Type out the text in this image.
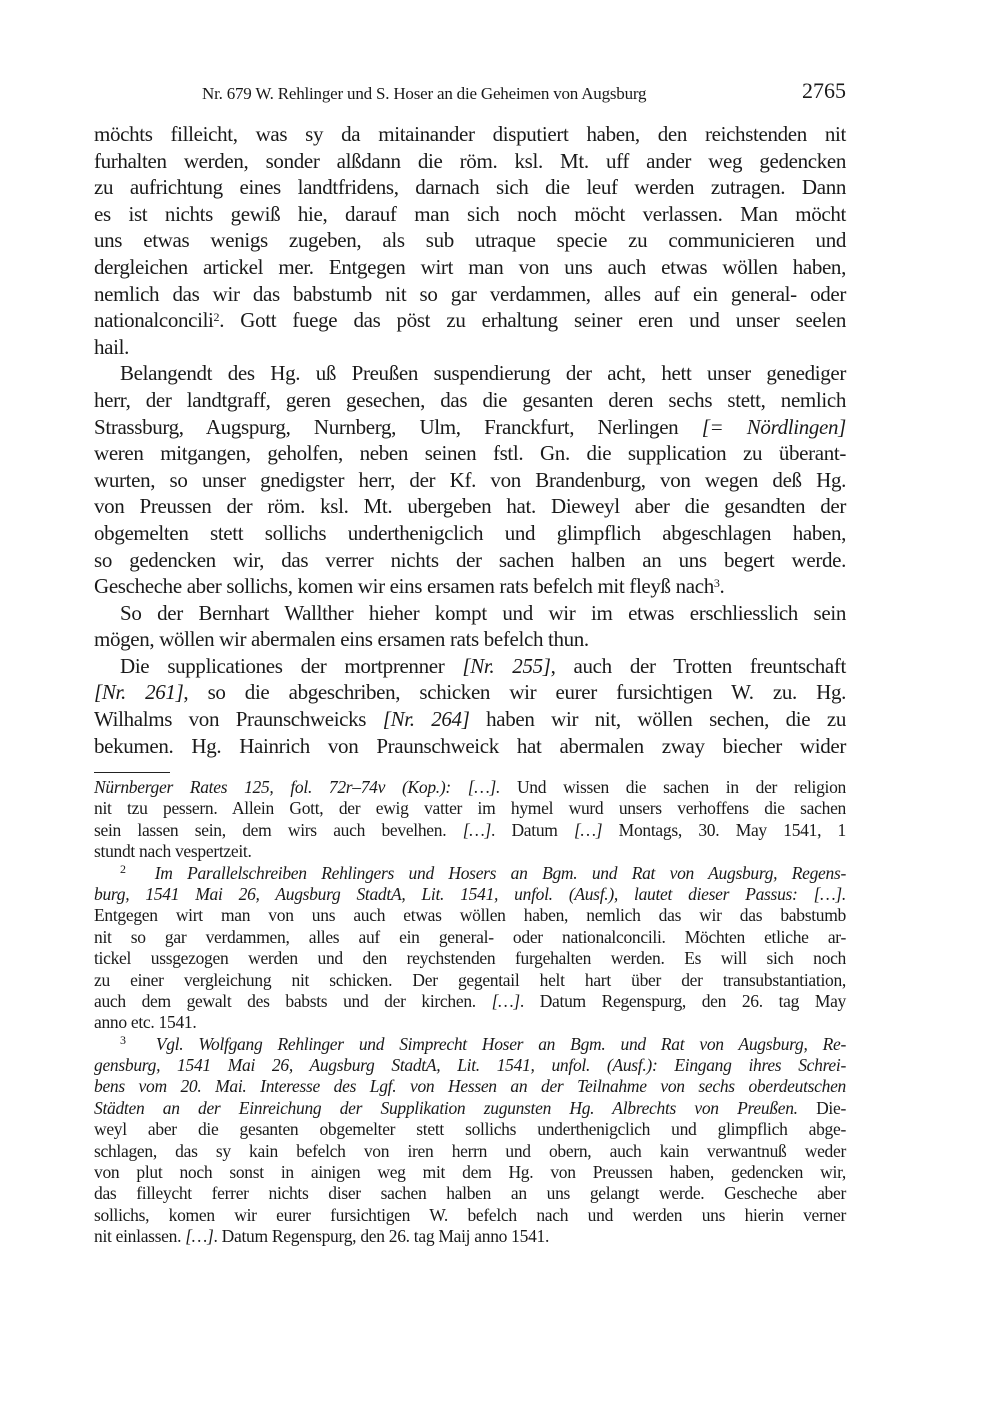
Nr. 679 W. Rehlinger und S. Hoser an die Geheimen von Augsburg	2765
möchts filleicht, was sy da mitainander disputiert haben, den reichstenden nit
furhalten werden, sonder alßdann die röm. ksl. Mt. uff ander weg gedencken
zu aufrichtung eines landtfridens, darnach sich die leuf werden zutragen. Dann
es ist nichts gewiß hie, darauf man sich noch möcht verlassen. Man möcht
uns etwas wenigs zugeben, als sub utraque specie zu communicieren und
dergleichen artickel mer. Entgegen wirt man von uns auch etwas wöllen haben,
nemlich das wir das babstumb nit so gar verdammen, alles auf ein general- oder
nationalconcili$^2$. Gott fuege das pöst zu erhaltung seiner eren und unser seelen
hail.
Belangendt des Hg. uß Preußen suspendierung der acht, hett unser genediger
herr, der landtgraff, geren gesechen, das die gesanten deren sechs stett, nemlich
Strassburg, Augspurg, Nurnberg, Ulm, Franckfurt, Nerlingen [= Nördlingen]
weren mitgangen, geholfen, neben seinen fstl. Gn. die supplication zu überant-
wurten, so unser gnedigster herr, der Kf. von Brandenburg, von wegen deß Hg.
von Preussen der röm. ksl. Mt. ubergeben hat. Dieweyl aber die gesandten der
obgemelten stett sollichs underthenigclich und glimpflich abgeschlagen haben,
so gedencken wir, das verrer nichts der sachen halben an uns begert werde.
Gescheche aber sollichs, komen wir eins ersamen rats befelch mit fleyß nach$^3$.
So der Bernhart Wallther hieher kompt und wir im etwas erschliesslich sein
mögen, wöllen wir abermalen eins ersamen rats befelch thun.
Die supplicationes der mortprenner [Nr. 255], auch der Trotten freuntschaft
[Nr. 261], so die abgeschriben, schicken wir eurer fursichtigen W. zu. Hg.
Wilhalms von Praunschweicks [Nr. 264] haben wir nit, wöllen sechen, die zu
bekumen. Hg. Hainrich von Praunschweick hat abermalen zway biecher wider
Nürnberger Rates 125, fol. 72r–74v (Kop.): […]. Und wissen die sachen in der religion
nit tzu pessern. Allein Gott, der ewig vatter im hymel wurd unsers verhoffens die sachen
sein lassen sein, dem wirs auch bevelhen. […]. Datum […] Montags, 30. May 1541, 1
stundt nach vespertzeit.
$^2$ Im Parallelschreiben Rehlingers und Hosers an Bgm. und Rat von Augsburg, Regens-
burg, 1541 Mai 26, Augsburg StadtA, Lit. 1541, unfol. (Ausf.), lautet dieser Passus: […].
Entgegen wirt man von uns auch etwas wöllen haben, nemlich das wir das babstumb
nit so gar verdammen, alles auf ein general- oder nationalconcili. Möchten etliche ar-
tickel ussgezogen werden und den reychstenden furgehalten werden. Es will sich noch
zu einer vergleichung nit schicken. Der gegentail helt hart über der transubstantiation,
auch dem gewalt des babsts und der kirchen. […]. Datum Regenspurg, den 26. tag May
anno etc. 1541.
$^3$ Vgl. Wolfgang Rehlinger und Simprecht Hoser an Bgm. und Rat von Augsburg, Re-
gensburg, 1541 Mai 26, Augsburg StadtA, Lit. 1541, unfol. (Ausf.): Eingang ihres Schrei-
bens vom 20. Mai. Interesse des Lgf. von Hessen an der Teilnahme von sechs oberdeutschen
Städten an der Einreichung der Supplikation zugunsten Hg. Albrechts von Preußen. Die-
weyl aber die gesanten obgemelter stett sollichs underthenigclich und glimpflich abge-
schlagen, das sy kain befelch von iren herrn und obern, auch kain verwantnuß weder
von plut noch sonst in ainigen weg mit dem Hg. von Preussen haben, gedencken wir,
das filleycht ferrer nichts diser sachen halben an uns gelangt werde. Gescheche aber
sollichs, komen wir eurer fursichtigen W. befelch nach und werden uns hierin verner
nit einlassen. […]. Datum Regenspurg, den 26. tag Maij anno 1541.
